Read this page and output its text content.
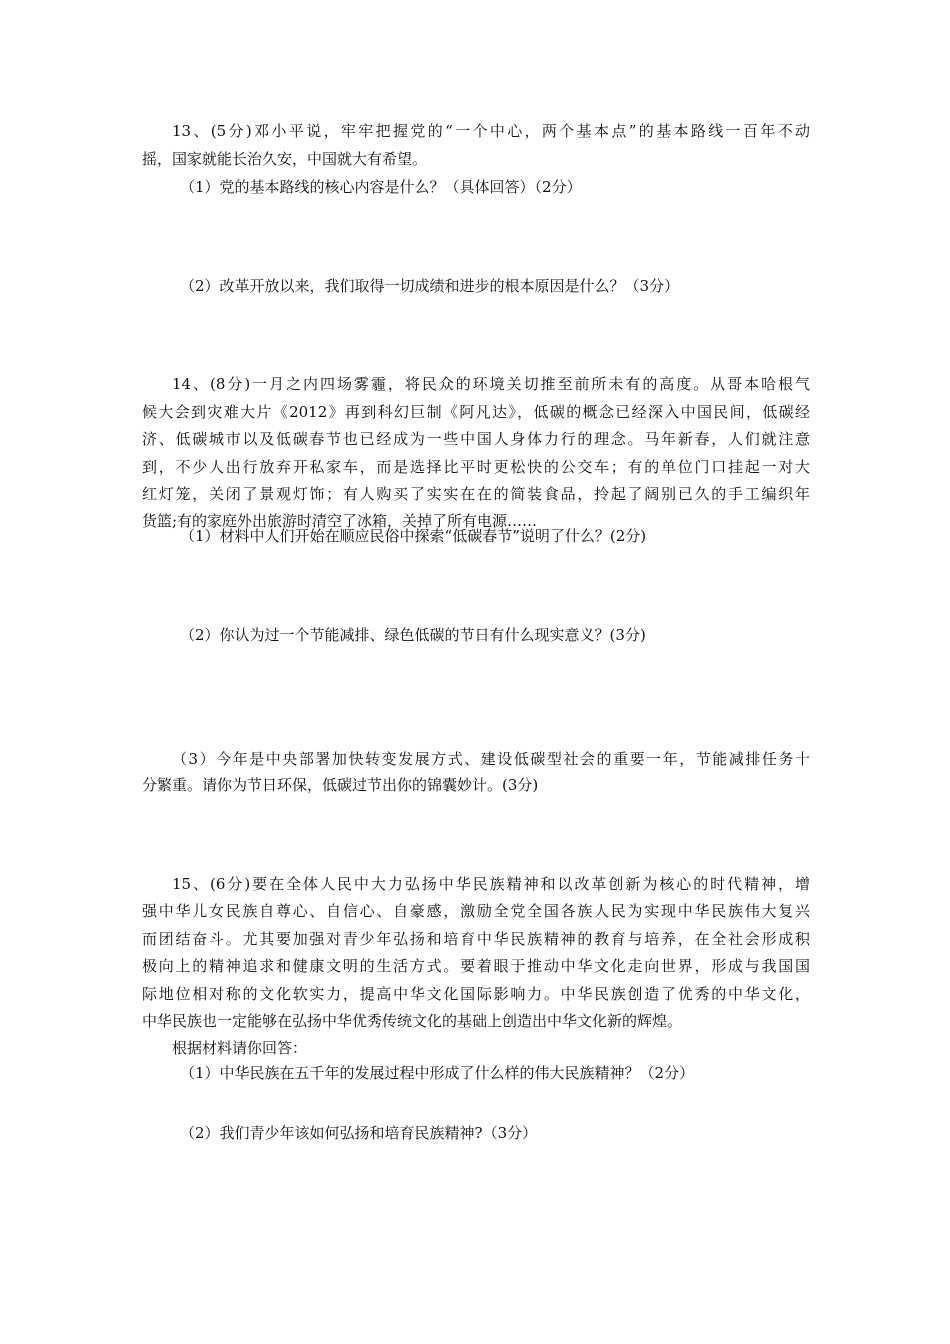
13、(5分)邓小平说，牢牢把握党的“一个中心，两个基本点”的基本路线一百年不动
摇，国家就能长治久安，中国就大有希望。
（1）党的基本路线的核心内容是什么？（具体回答）（2分）
（2）改革开放以来，我们取得一切成绩和进步的根本原因是什么？（3分）
14、(8分)一月之内四场雾霾，将民众的环境关切推至前所未有的高度。从哥本哈根气
候大会到灾难大片《2012》再到科幻巨制《阿凡达》，低碳的概念已经深入中国民间，低碳经
济、低碳城市以及低碳春节也已经成为一些中国人身体力行的理念。马年新春，人们就注意
到，不少人出行放弃开私家车，而是选择比平时更松快的公交车；有的单位门口挂起一对大
红灯笼，关闭了景观灯饰；有人购买了实实在在的简装食品，拎起了阔别已久的手工编织年
货篮;有的家庭外出旅游时清空了冰箱，关掉了所有电源……
（1）材料中人们开始在顺应民俗中探索“低碳春节”说明了什么？(2分)
（2）你认为过一个节能减排、绿色低碳的节日有什么现实意义？(3分)
（3）今年是中央部署加快转变发展方式、建设低碳型社会的重要一年，节能减排任务十
分繁重。请你为节日环保，低碳过节出你的锦囊妙计。(3分)
15、(6分)要在全体人民中大力弘扬中华民族精神和以改革创新为核心的时代精神，增
强中华儿女民族自尊心、自信心、自豪感，激励全党全国各族人民为实现中华民族伟大复兴
而团结奋斗。尤其要加强对青少年弘扬和培育中华民族精神的教育与培养，在全社会形成积
极向上的精神追求和健康文明的生活方式。要着眼于推动中华文化走向世界，形成与我国国
际地位相对称的文化软实力，提高中华文化国际影响力。中华民族创造了优秀的中华文化，
中华民族也一定能够在弘扬中华优秀传统文化的基础上创造出中华文化新的辉煌。
根据材料请你回答：
（1）中华民族在五千年的发展过程中形成了什么样的伟大民族精神？（2分）
（2）我们青少年该如何弘扬和培育民族精神?（3分）
